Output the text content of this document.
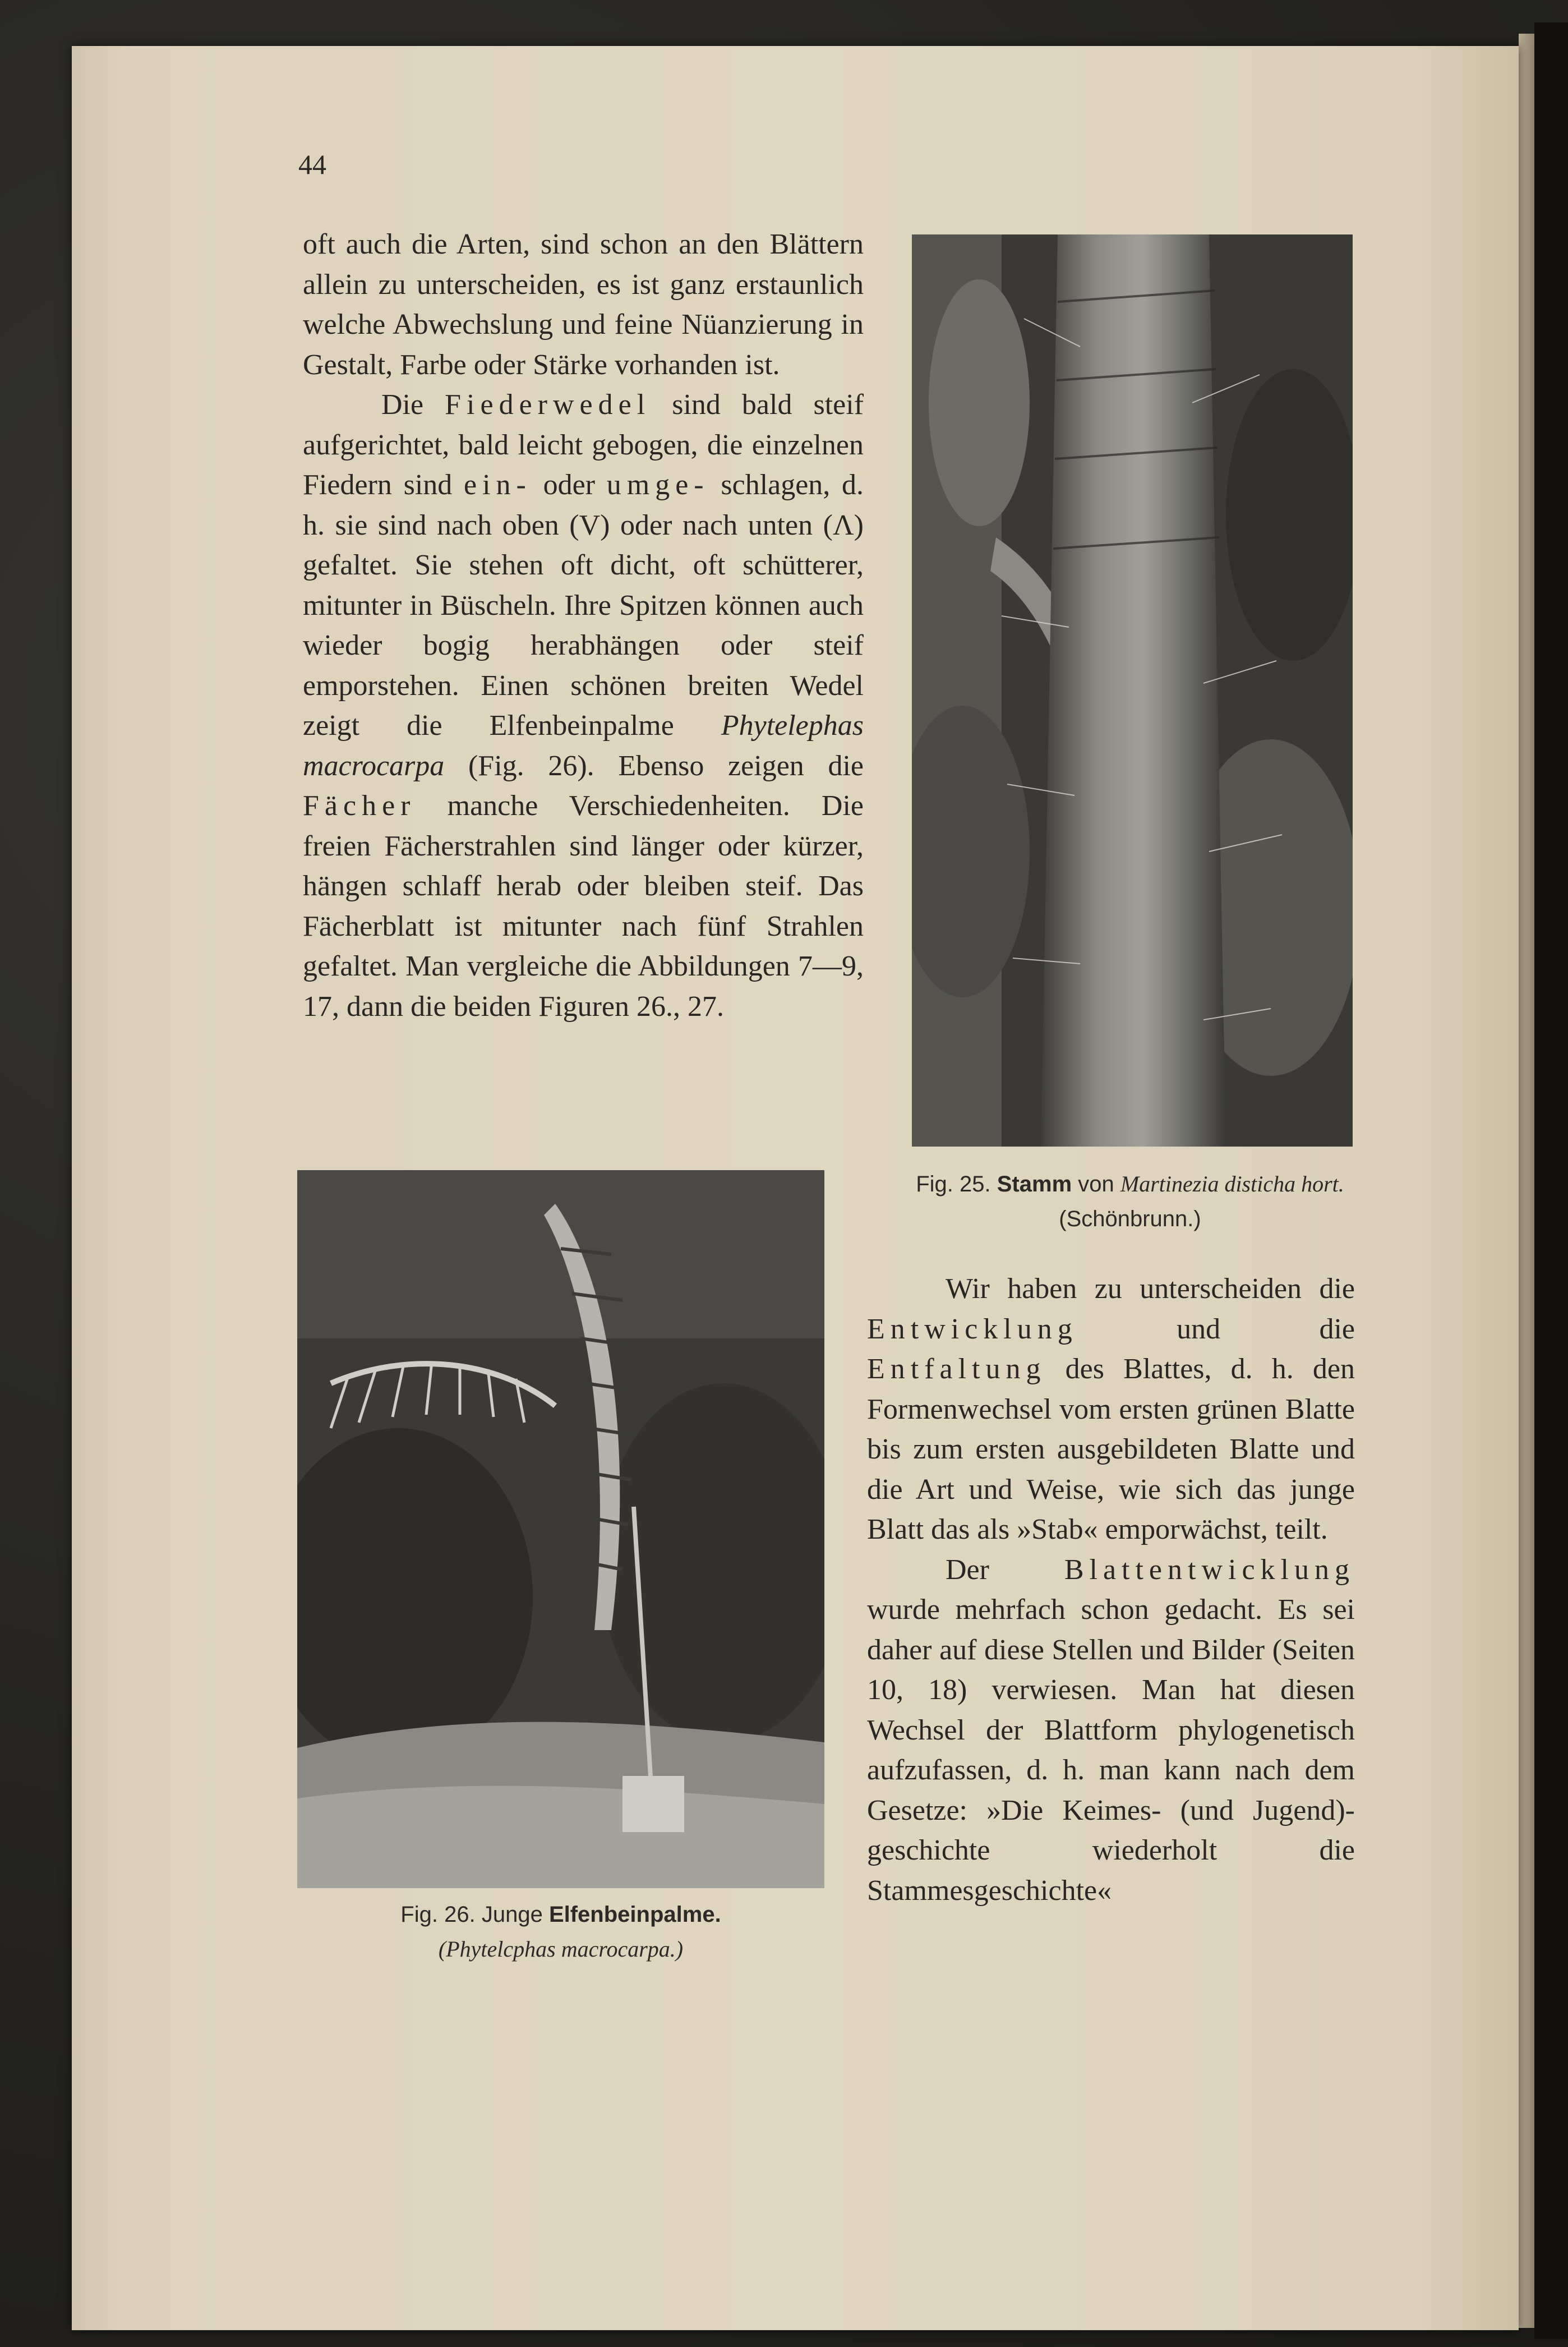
44

oft auch die Arten, sind schon an den Blättern allein zu unterscheiden, es ist ganz erstaunlich welche Abwechslung und feine Nüanzierung in Gestalt, Farbe oder Stärke vorhanden ist.

Die Fiederwedel sind bald steif aufgerichtet, bald leicht gebogen, die einzelnen Fiedern sind ein- oder umge- schlagen, d. h. sie sind nach oben (V) oder nach unten (Λ) gefaltet. Sie stehen oft dicht, oft schütterer, mitunter in Büscheln. Ihre Spitzen können auch wieder bogig herabhängen oder steif emporstehen. Einen schönen breiten Wedel zeigt die Elfenbeinpalme Phytelephas macrocarpa (Fig. 26). Ebenso zeigen die Fächer manche Verschiedenheiten. Die freien Fächerstrahlen sind länger oder kürzer, hängen schlaff herab oder bleiben steif. Das Fächerblatt ist mitunter nach fünf Strahlen gefaltet. Man vergleiche die Abbildungen 7—9, 17, dann die beiden Figuren 26., 27.

Fig. 25. Stamm von Martinezia disticha hort. (Schönbrunn.)
Fig. 26. Junge Elfenbeinpalme.
(Phytelcphas macrocarpa.)

Wir haben zu unterscheiden die Entwicklung	und die Entfaltung des Blattes, d. h. den Formenwechsel vom ersten grünen Blatte bis zum ersten ausgebildeten Blatte und die Art und Weise, wie sich das junge Blatt das als »Stab« emporwächst, teilt.

Der	Blattentwicklung wurde mehrfach schon gedacht. Es sei daher auf diese Stellen und Bilder (Seiten 10, 18) verwiesen. Man hat diesen Wechsel der Blattform phylogenetisch aufzufassen, d. h. man kann nach dem Gesetze: »Die Keimes- (und Jugend)-geschichte wiederholt die Stammesgeschichte«
